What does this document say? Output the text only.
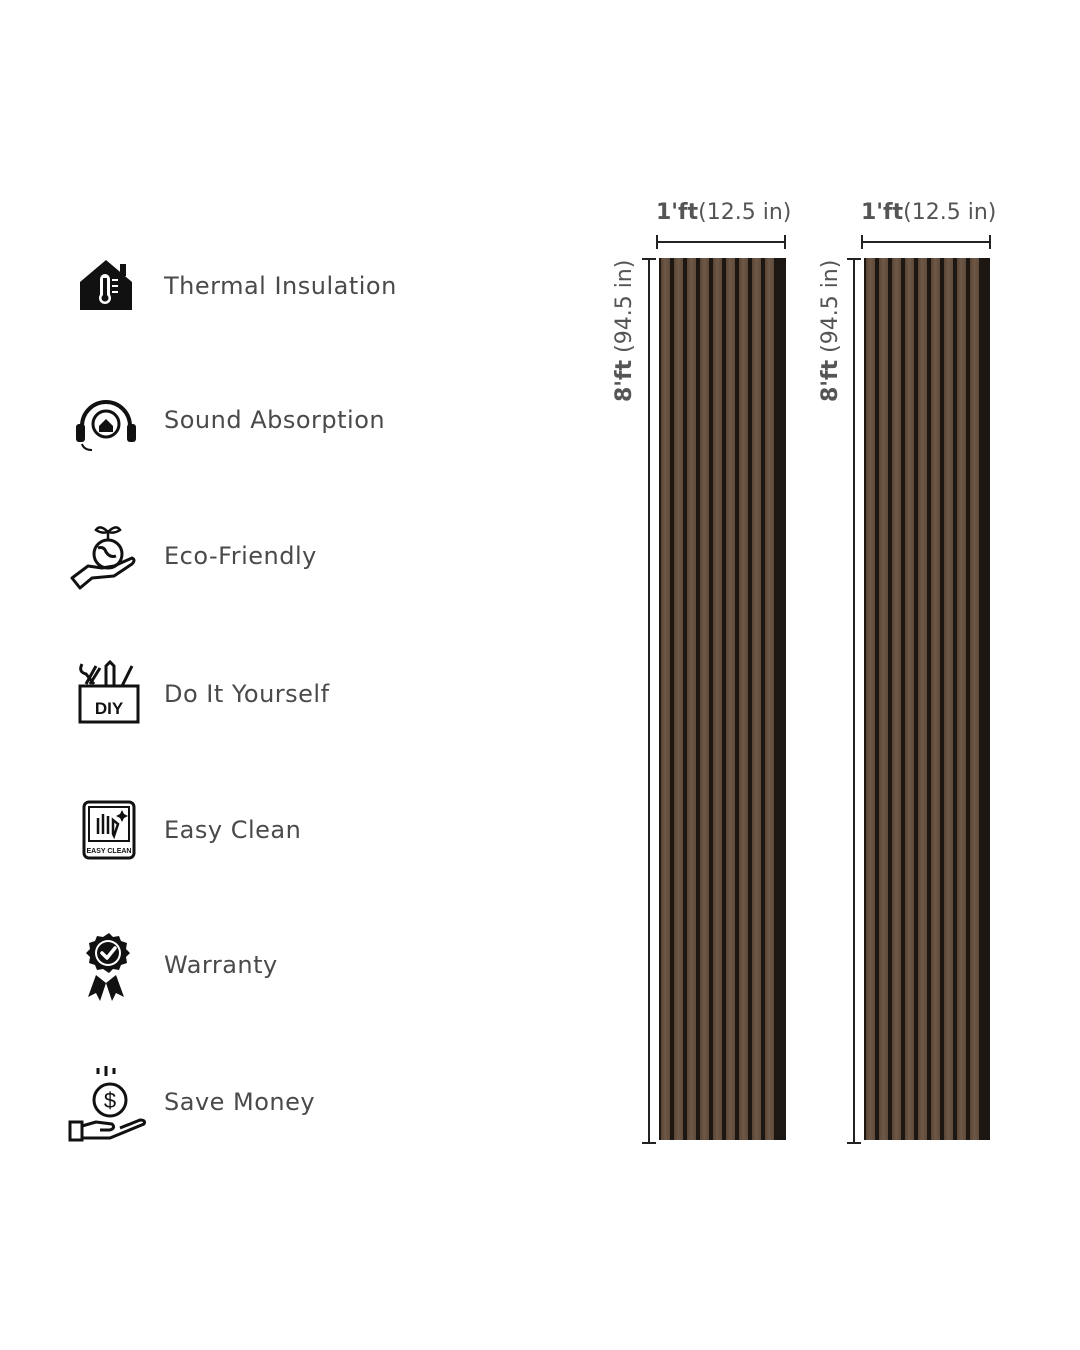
Thermal Insulation
Sound Absorption
Eco-Friendly
DIY
Do It Yourself
EASY CLEAN
Easy Clean
Warranty
$ Save Money
1'ft(12.5 in)
8'ft (94.5 in)
1'ft(12.5 in)
8'ft (94.5 in)
